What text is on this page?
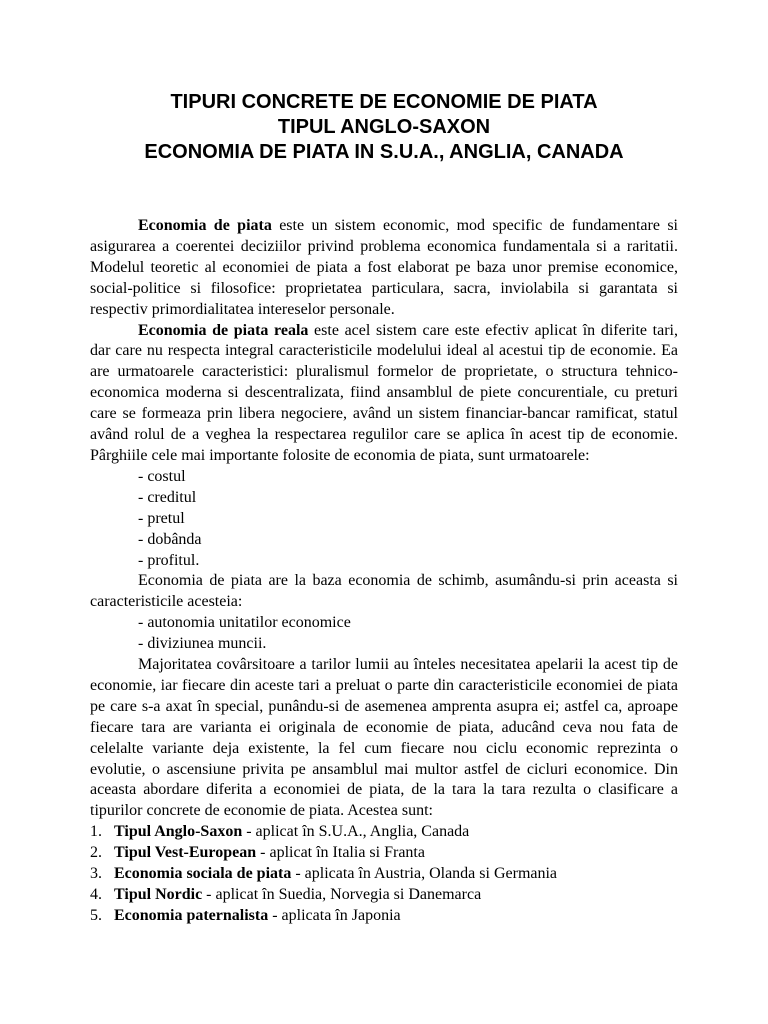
TIPURI CONCRETE DE ECONOMIE DE PIATA
TIPUL ANGLO-SAXON
ECONOMIA DE PIATA IN S.U.A., ANGLIA, CANADA

Economia de piata este un sistem economic, mod specific de fundamentare si asigurarea a coerentei deciziilor privind problema economica fundamentala si a raritatii. Modelul teoretic al economiei de piata a fost elaborat pe baza unor premise economice, social-politice si filosofice: proprietatea particulara, sacra, inviolabila si garantata si respectiv primordialitatea intereselor personale.

Economia de piata reala este acel sistem care este efectiv aplicat în diferite tari, dar care nu respecta integral caracteristicile modelului ideal al acestui tip de economie. Ea are urmatoarele caracteristici: pluralismul formelor de proprietate, o structura tehnico-economica moderna si descentralizata, fiind ansamblul de piete concurentiale, cu preturi care se formeaza prin libera negociere, având un sistem financiar-bancar ramificat, statul având rolul de a veghea la respectarea regulilor care se aplica în acest tip de economie. Pârghiile cele mai importante folosite de economia de piata, sunt urmatoarele:

- costul
- creditul
- pretul
- dobânda
- profitul.

Economia de piata are la baza economia de schimb, asumându-si prin aceasta si caracteristicile acesteia:

- autonomia unitatilor economice
- diviziunea muncii.

Majoritatea covârsitoare a tarilor lumii au înteles necesitatea apelarii la acest tip de economie, iar fiecare din aceste tari a preluat o parte din caracteristicile economiei de piata pe care s-a axat în special, punându-si de asemenea amprenta asupra ei; astfel ca, aproape fiecare tara are varianta ei originala de economie de piata, aducând ceva nou fata de celelalte variante deja existente, la fel cum fiecare nou ciclu economic reprezinta o evolutie, o ascensiune privita pe ansamblul mai multor astfel de cicluri economice. Din aceasta abordare diferita a economiei de piata, de la tara la tara rezulta o clasificare a tipurilor concrete de economie de piata. Acestea sunt:

1. Tipul Anglo-Saxon - aplicat în S.U.A., Anglia, Canada
2. Tipul Vest-European - aplicat în Italia si Franta
3. Economia sociala de piata - aplicata în Austria, Olanda si Germania
4. Tipul Nordic - aplicat în Suedia, Norvegia si Danemarca
5. Economia paternalista - aplicata în Japonia
